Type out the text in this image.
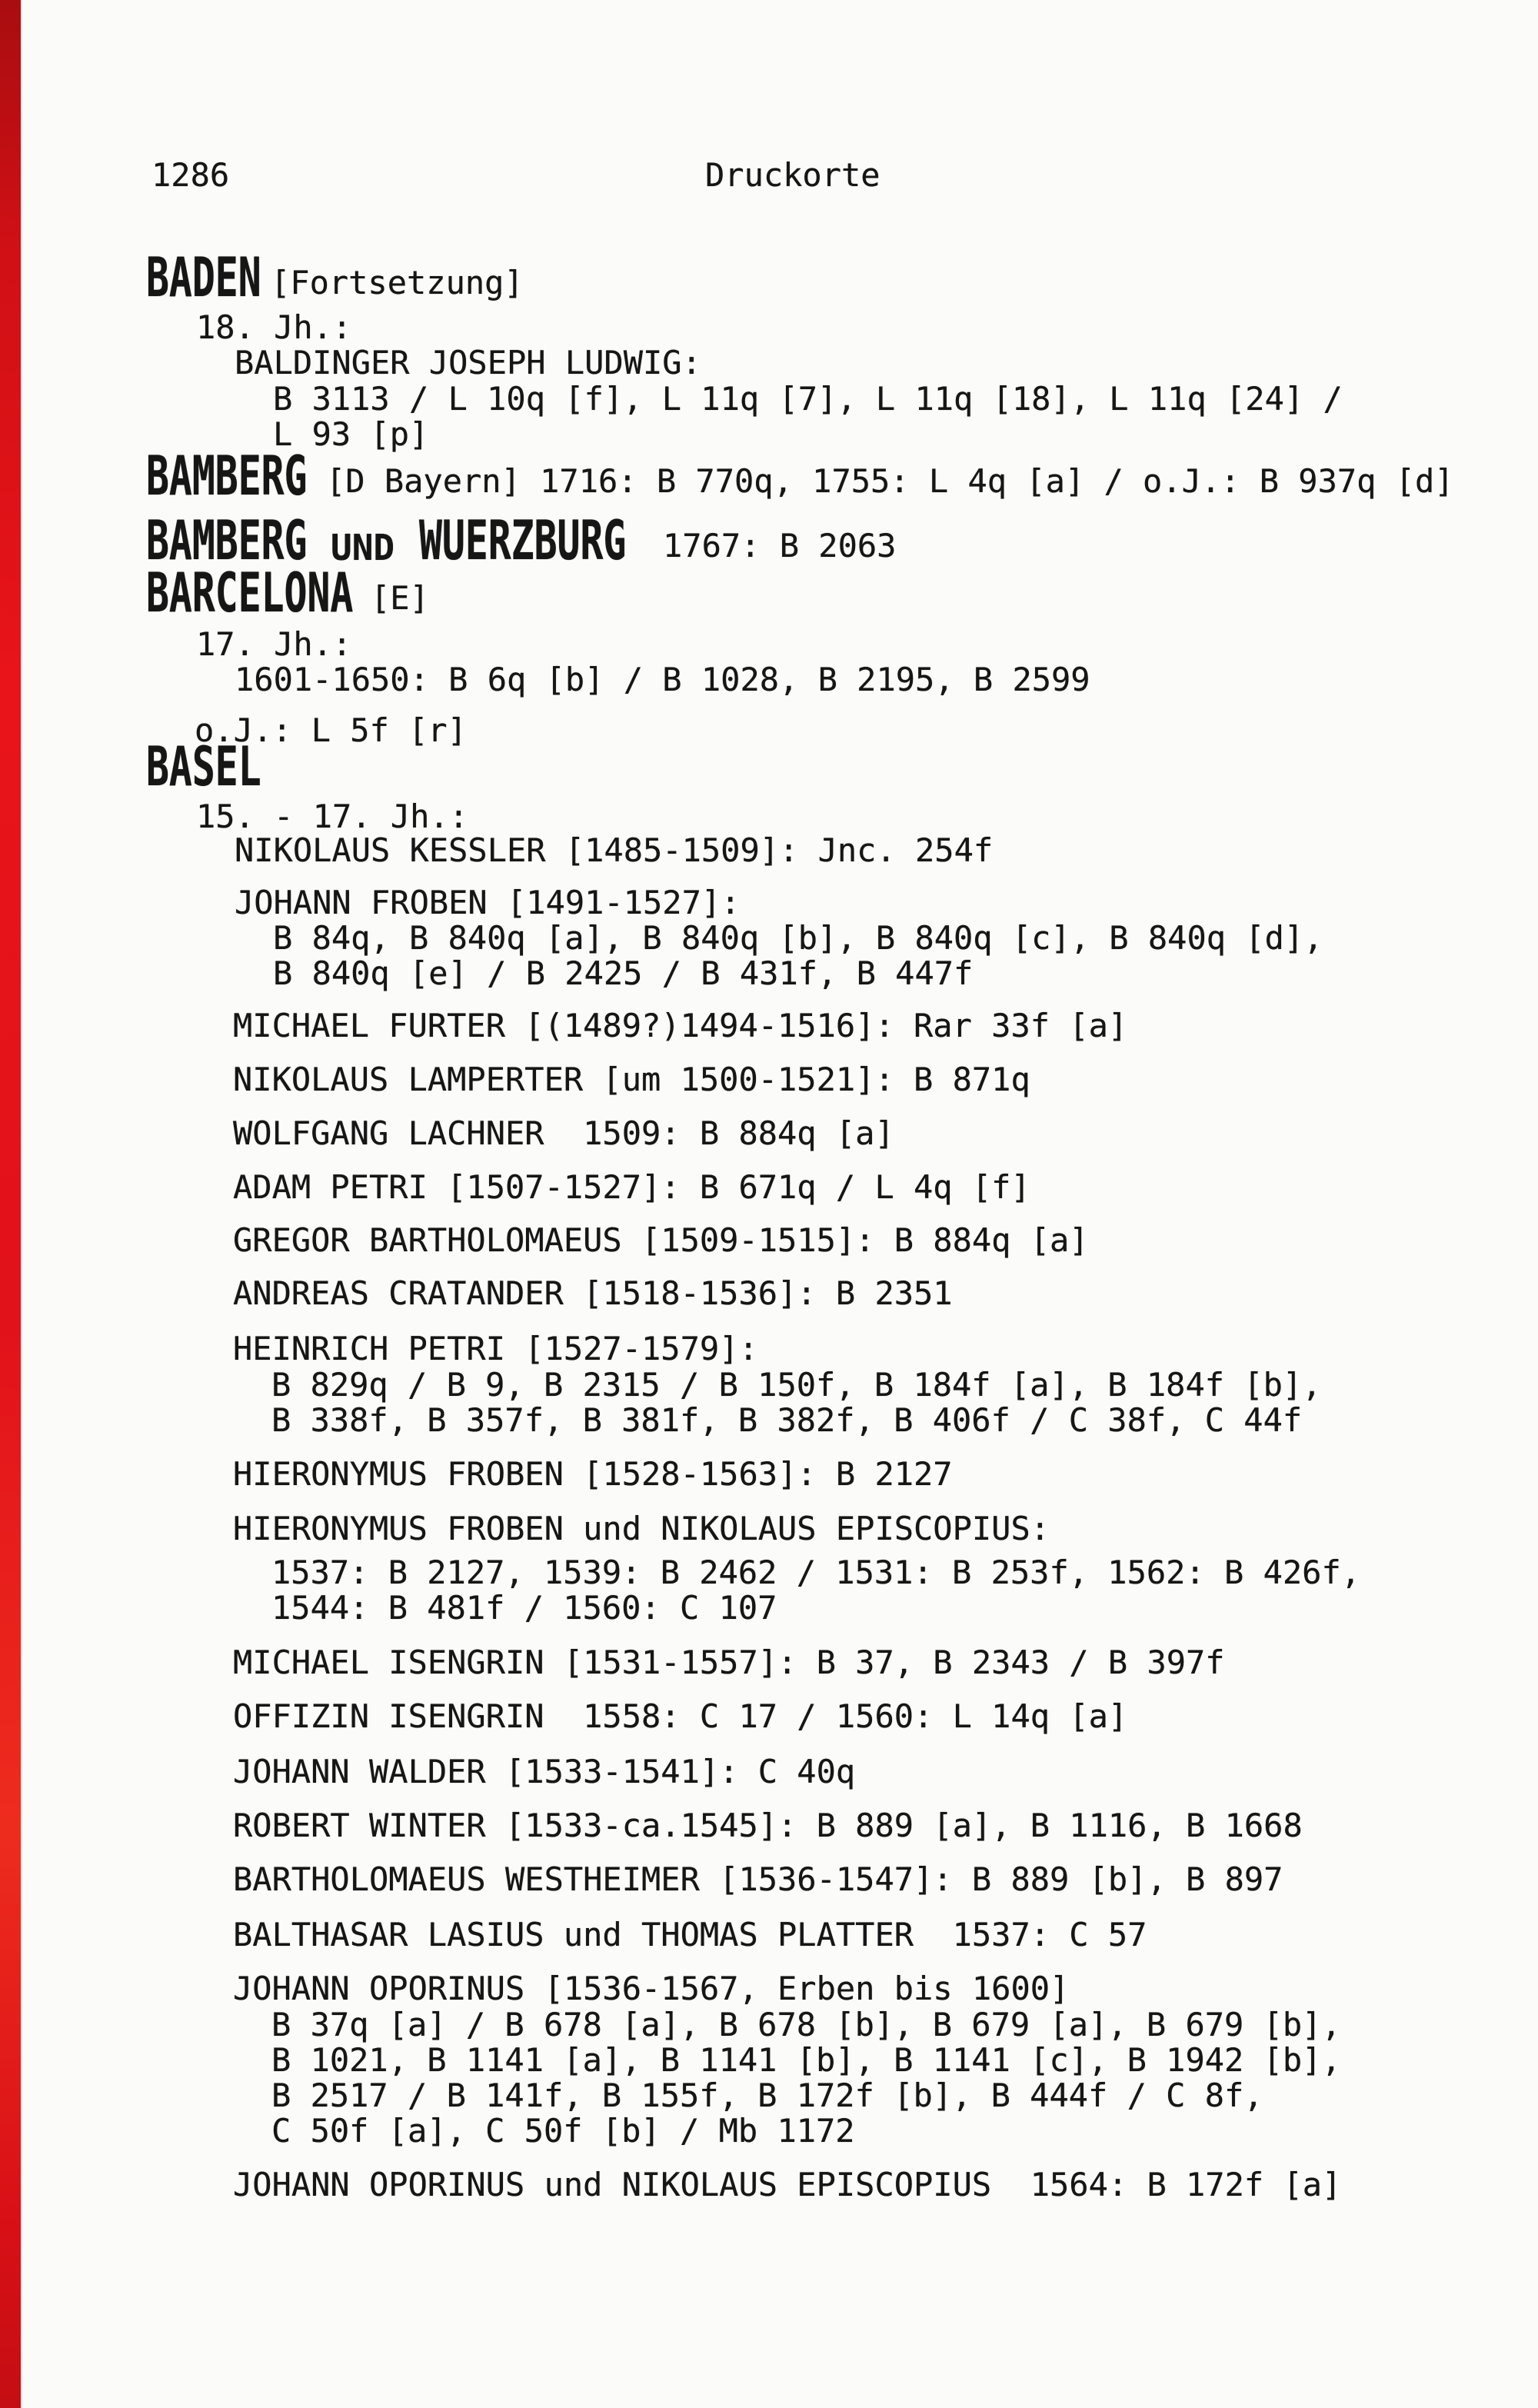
1286	Druckorte
BADEN [Fortsetzung]
18. Jh.:
BALDINGER JOSEPH LUDWIG:
B 3113 / L 10q [f], L 11q [7], L 11q [18], L 11q [24] /
L 93 [p]
BAMBERG [D Bayern] 1716: B 770q, 1755: L 4q [a] / o.J.: B 937q [d]
BAMBERG UND WUERZBURG 1767: B 2063
BARCELONA [E]
17. Jh.:
1601-1650: B 6q [b] / B 1028, B 2195, B 2599
o.J.: L 5f [r]
BASEL
15. - 17. Jh.:
NIKOLAUS KESSLER [1485-1509]: Jnc. 254f
JOHANN FROBEN [1491-1527]:
B 84q, B 840q [a], B 840q [b], B 840q [c], B 840q [d],
B 840q [e] / B 2425 / B 431f, B 447f
MICHAEL FURTER [(1489?)1494-1516]: Rar 33f [a]
NIKOLAUS LAMPERTER [um 1500-1521]: B 871q
WOLFGANG LACHNER  1509: B 884q [a]
ADAM PETRI [1507-1527]: B 671q / L 4q [f]
GREGOR BARTHOLOMAEUS [1509-1515]: B 884q [a]
ANDREAS CRATANDER [1518-1536]: B 2351
HEINRICH PETRI [1527-1579]:
B 829q / B 9, B 2315 / B 150f, B 184f [a], B 184f [b],
B 338f, B 357f, B 381f, B 382f, B 406f / C 38f, C 44f
HIERONYMUS FROBEN [1528-1563]: B 2127
HIERONYMUS FROBEN und NIKOLAUS EPISCOPIUS:
1537: B 2127, 1539: B 2462 / 1531: B 253f, 1562: B 426f,
1544: B 481f / 1560: C 107
MICHAEL ISENGRIN [1531-1557]: B 37, B 2343 / B 397f
OFFIZIN ISENGRIN  1558: C 17 / 1560: L 14q [a]
JOHANN WALDER [1533-1541]: C 40q
ROBERT WINTER [1533-ca.1545]: B 889 [a], B 1116, B 1668
BARTHOLOMAEUS WESTHEIMER [1536-1547]: B 889 [b], B 897
BALTHASAR LASIUS und THOMAS PLATTER  1537: C 57
JOHANN OPORINUS [1536-1567, Erben bis 1600]
B 37q [a] / B 678 [a], B 678 [b], B 679 [a], B 679 [b],
B 1021, B 1141 [a], B 1141 [b], B 1141 [c], B 1942 [b],
B 2517 / B 141f, B 155f, B 172f [b], B 444f / C 8f,
C 50f [a], C 50f [b] / Mb 1172
JOHANN OPORINUS und NIKOLAUS EPISCOPIUS  1564: B 172f [a]
